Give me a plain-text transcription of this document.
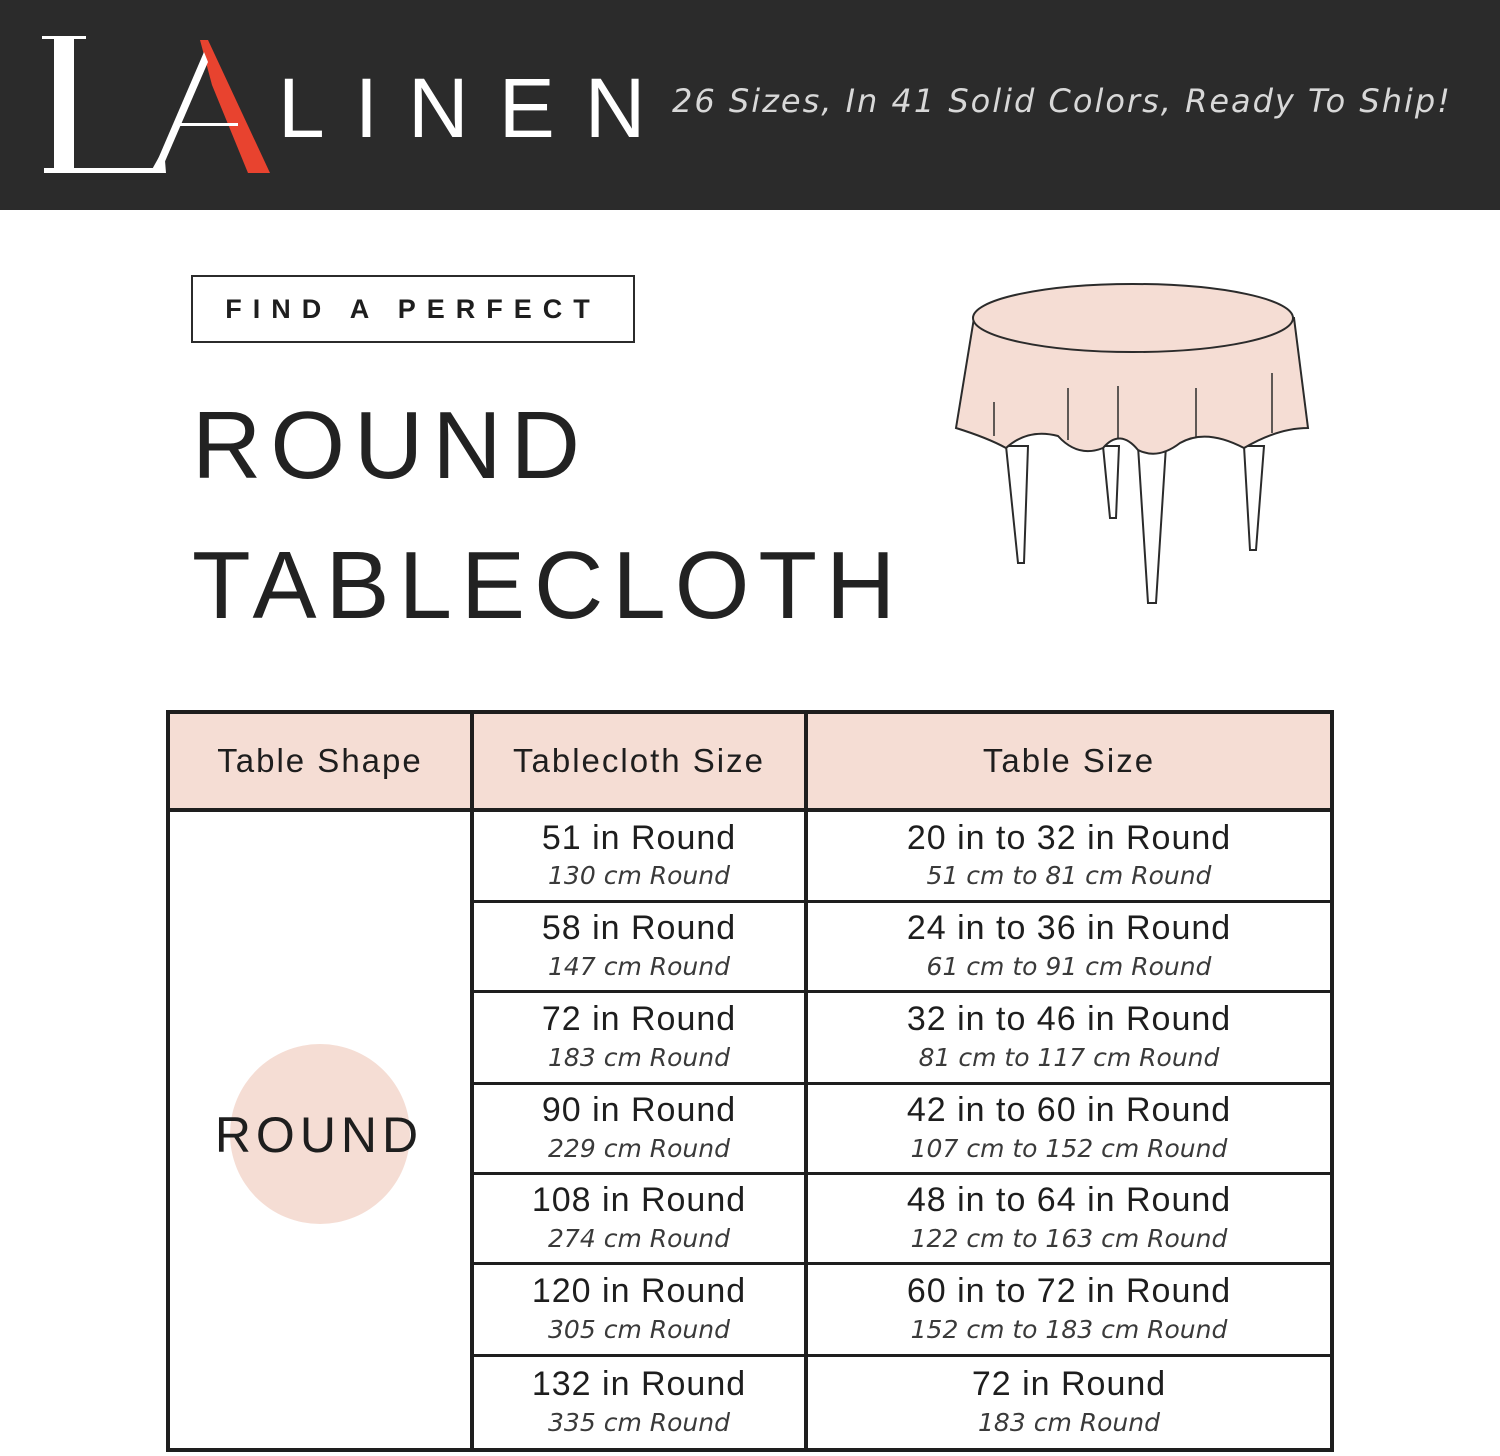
LINEN
26 Sizes, In 41 Solid Colors, Ready To Ship!
FIND A PERFECT
ROUND
TABLECLOTH
Table Shape	Tablecloth Size	Table Size
ROUND
51 in Round
130 cm Round
20 in to 32 in Round
51 cm to 81 cm Round
58 in Round
147 cm Round
24 in to 36 in Round
61 cm to 91 cm Round
72 in Round
183 cm Round
32 in to 46 in Round
81 cm to 117 cm Round
90 in Round
229 cm Round
42 in to 60 in Round
107 cm to 152 cm Round
108 in Round
274 cm Round
48 in to 64 in Round
122 cm to 163 cm Round
120 in Round
305 cm Round
60 in to 72 in Round
152 cm to 183 cm Round
132 in Round
335 cm Round
72 in Round
183 cm Round
